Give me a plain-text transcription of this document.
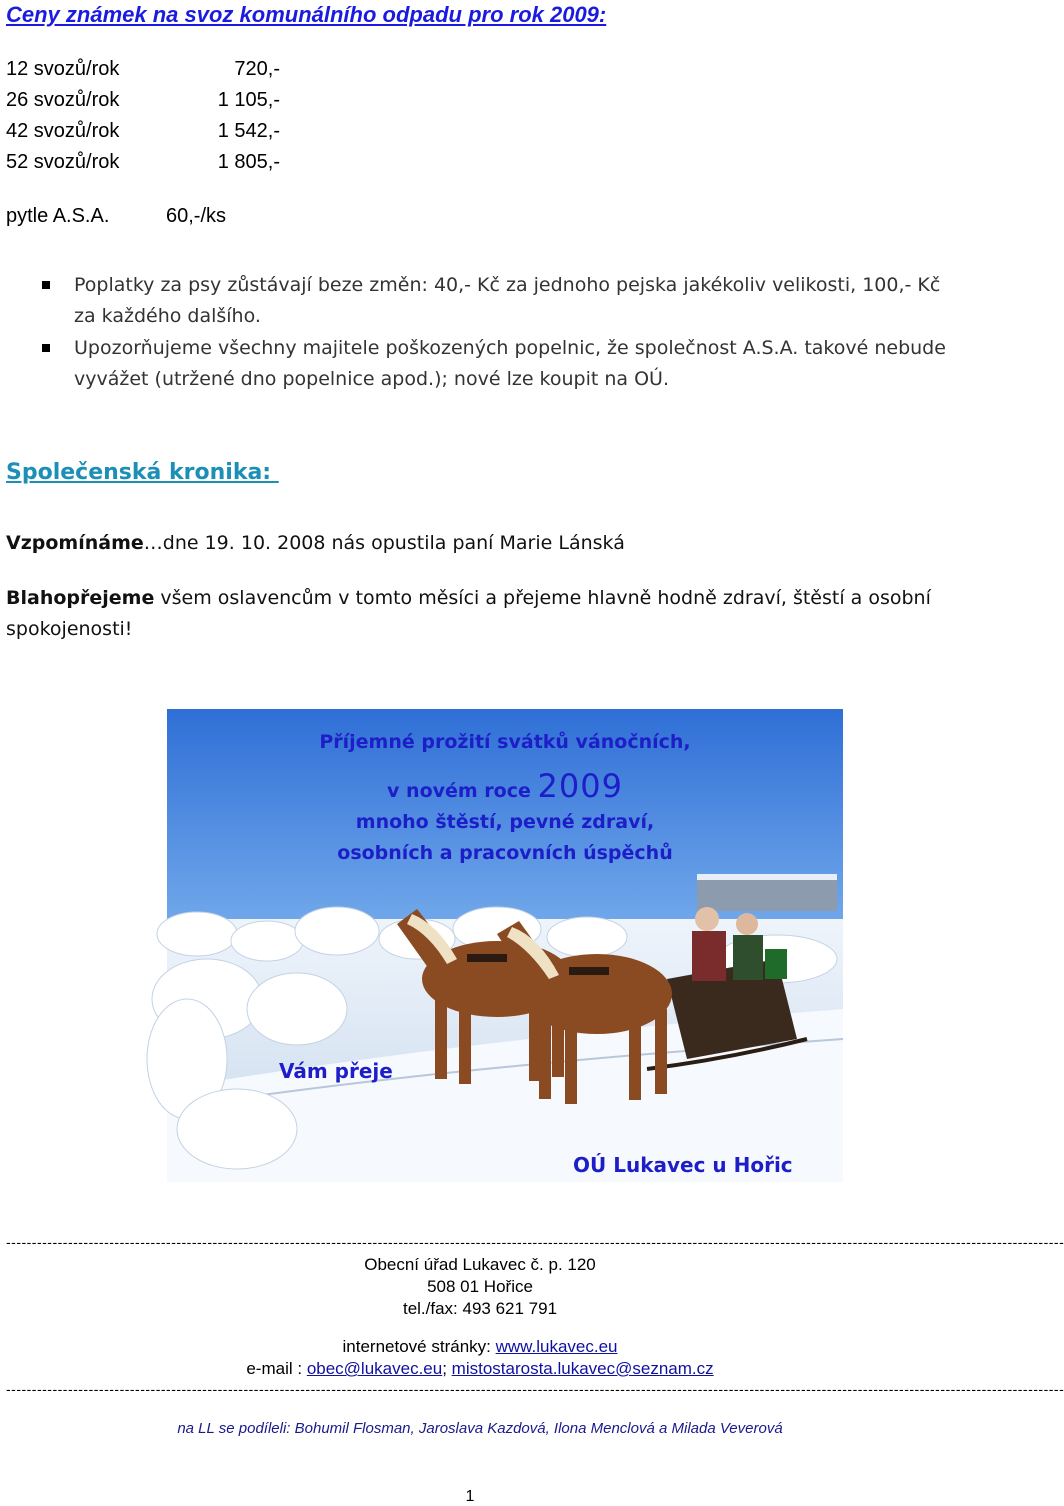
Ceny známek na svoz komunálního odpadu pro rok 2009:
12 svozů/rok	720,-
26 svozů/rok	1 105,-
42 svozů/rok	1 542,-
52 svozů/rok	1 805,-
pytle A.S.A.	60,-/ks
Poplatky za psy zůstávají beze změn: 40,- Kč za jednoho pejska jakékoliv velikosti, 100,- Kč za každého dalšího.
Upozorňujeme všechny majitele poškozených popelnic, že společnost A.S.A. takové nebude vyvážet (utržené dno popelnice apod.); nové lze koupit na OÚ.
Společenská kronika:
Vzpomínáme…dne 19. 10. 2008 nás opustila paní Marie Lánská
Blahopřejeme všem oslavencům v tomto měsíci a přejeme hlavně hodně zdraví, štěstí a osobní spokojenosti!
Příjemné prožití svátků vánočních,
v novém roce 2009
mnoho štěstí, pevné zdraví,
osobních a pracovních úspěchů
Vám přeje
OÚ Lukavec u Hořic
-------------------------------------------------------------------------------------------------------------------------------------------------------------------------------------------------------------
Obecní úřad Lukavec č. p. 120
508 01 Hořice
tel./fax: 493 621 791
internetové stránky: www.lukavec.eu
e-mail : obec@lukavec.eu; mistostarosta.lukavec@seznam.cz
-------------------------------------------------------------------------------------------------------------------------------------------------------------------------------------------------------------
na LL se podíleli: Bohumil Flosman, Jaroslava Kazdová, Ilona Menclová a Milada Veverová
1
